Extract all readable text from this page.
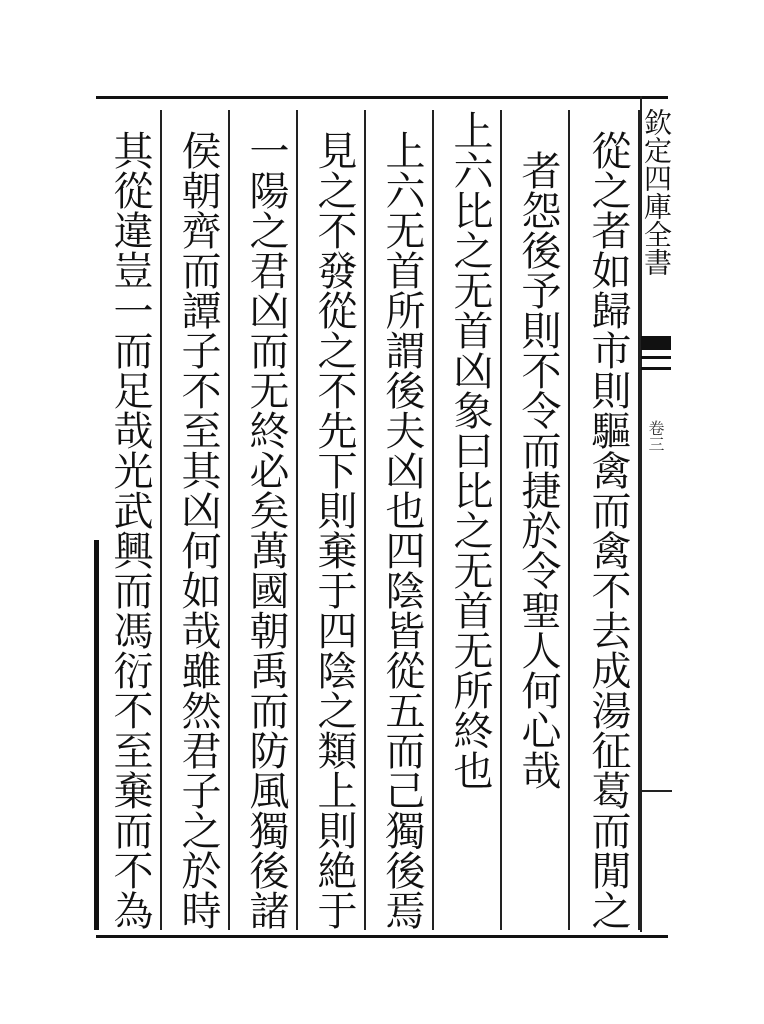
欽定四庫全書
卷三
從之者如歸市則驅禽而禽不去成湯征葛而閒之
者怨後予則不令而捷於令聖人何心哉
上六比之无首凶象曰比之无首无所終也
上六无首所謂後夫凶也四陰皆從五而己獨後焉
見之不發從之不先下則棄于四陰之類上則絶于
一陽之君凶而无終必矣萬國朝禹而防風獨後諸
侯朝齊而譚子不至其凶何如哉雖然君子之於時
其從違豈一而足哉光武興而馮衍不至棄而不為
